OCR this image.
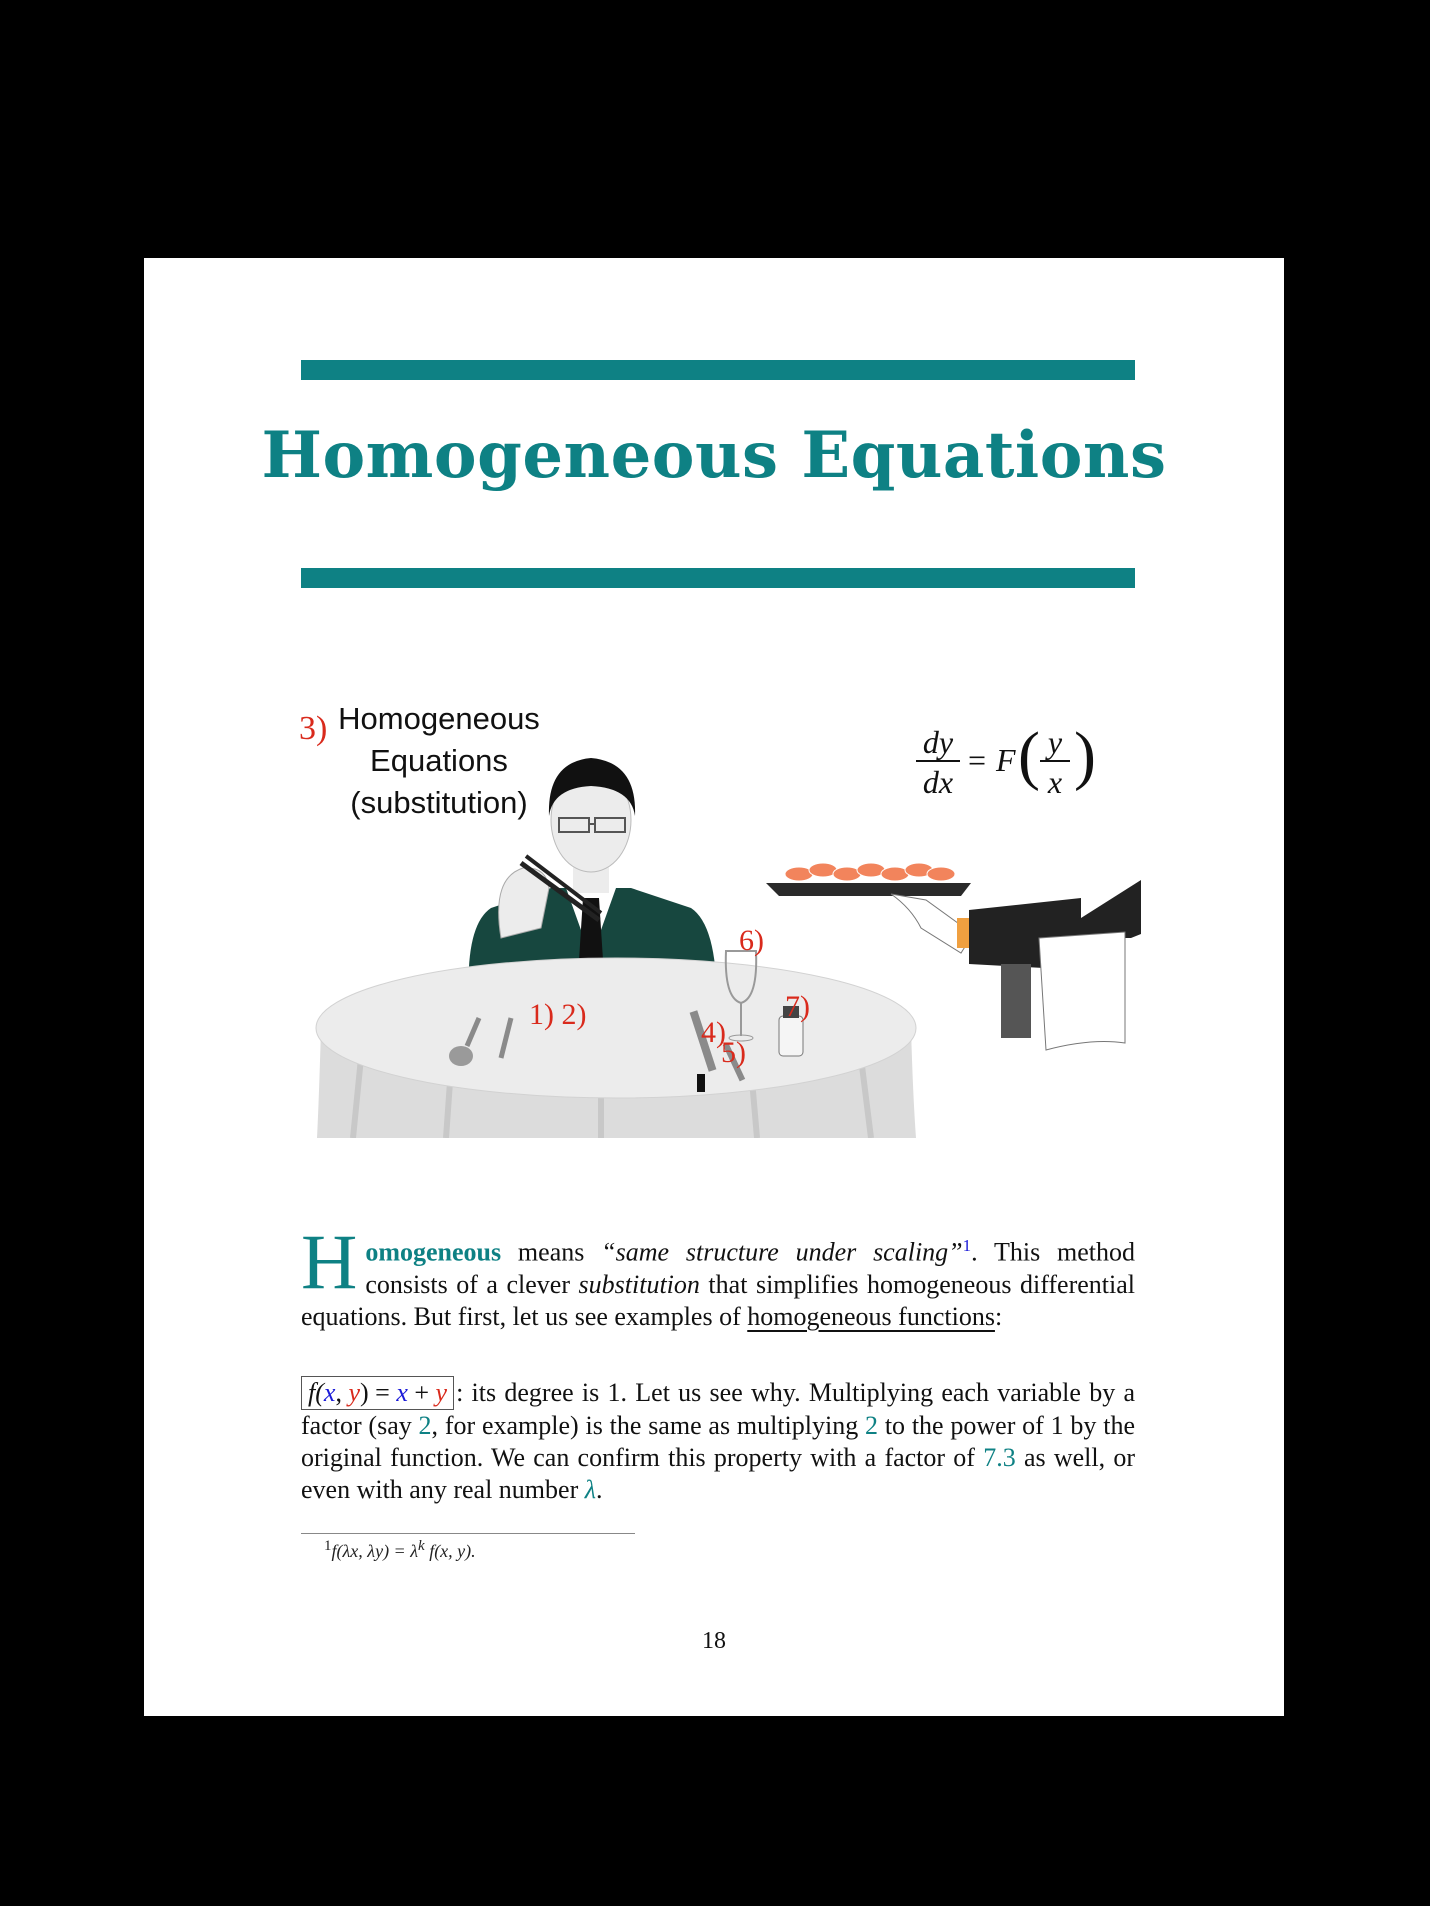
Homogeneous Equations
3) Homogeneous
Equations
(substitution)
dy
dx
= F ( y
x )
1) 2)
4)
5)
6)
7)
Homogeneous means “same structure under scaling”$^1$. This method consists of a clever substitution that simplifies homogeneous differential equations. But first, let us see examples of homogeneous functions:
f(x, y) = x + y : its degree is 1. Let us see why. Multiplying each variable by a factor (say 2, for example) is the same as multiplying 2 to the power of 1 by the original function. We can confirm this property with a factor of 7.3 as well, or even with any real number λ.
$^1$f(λx, $\lambda y) = \lambda^k$ f(x, y).
18
